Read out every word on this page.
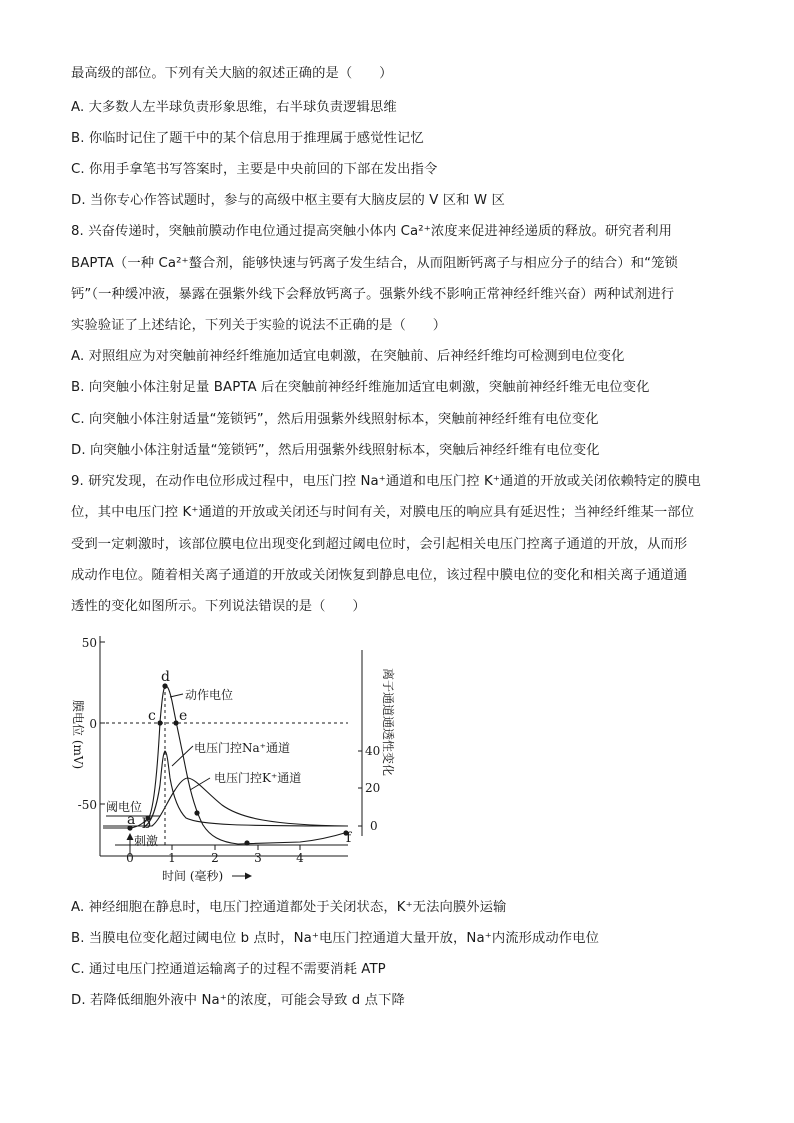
最高级的部位。下列有关大脑的叙述正确的是（　　）
A. 大多数人左半球负责形象思维，右半球负责逻辑思维
B. 你临时记住了题干中的某个信息用于推理属于感觉性记忆
C. 你用手拿笔书写答案时，主要是中央前回的下部在发出指令
D. 当你专心作答试题时，参与的高级中枢主要有大脑皮层的 V 区和 W 区
8. 兴奋传递时，突触前膜动作电位通过提高突触小体内 Ca²⁺浓度来促进神经递质的释放。研究者利用
BAPTA（一种 Ca²⁺螯合剂，能够快速与钙离子发生结合，从而阻断钙离子与相应分子的结合）和“笼锁
钙”（一种缓冲液，暴露在强紫外线下会释放钙离子。强紫外线不影响正常神经纤维兴奋）两种试剂进行
实验验证了上述结论，下列关于实验的说法不正确的是（　　）
A. 对照组应为对突触前神经纤维施加适宜电刺激，在突触前、后神经纤维均可检测到电位变化
B. 向突触小体注射足量 BAPTA 后在突触前神经纤维施加适宜电刺激，突触前神经纤维无电位变化
C. 向突触小体注射适量“笼锁钙”，然后用强紫外线照射标本，突触前神经纤维有电位变化
D. 向突触小体注射适量“笼锁钙”，然后用强紫外线照射标本，突触后神经纤维有电位变化
9. 研究发现，在动作电位形成过程中，电压门控 Na⁺通道和电压门控 K⁺通道的开放或关闭依赖特定的膜电
位，其中电压门控 K⁺通道的开放或关闭还与时间有关，对膜电压的响应具有延迟性；当神经纤维某一部位
受到一定刺激时，该部位膜电位出现变化到超过阈电位时，会引起相关电压门控离子通道的开放，从而形
成动作电位。随着相关离子通道的开放或关闭恢复到静息电位，该过程中膜电位的变化和相关离子通道通
透性的变化如图所示。下列说法错误的是（　　）
50
0
-50
膜电位 (mV)	40
20
0
离子通道通透性变化
0	1	2	3	4
时间 (毫秒)
阈电位
刺激
动作电位
电压门控Na⁺通道
电压门控K⁺通道
a b
c
d
e
f
A. 神经细胞在静息时，电压门控通道都处于关闭状态，K⁺无法向膜外运输
B. 当膜电位变化超过阈电位 b 点时，Na⁺电压门控通道大量开放，Na⁺内流形成动作电位
C. 通过电压门控通道运输离子的过程不需要消耗 ATP
D. 若降低细胞外液中 Na⁺的浓度，可能会导致 d 点下降
